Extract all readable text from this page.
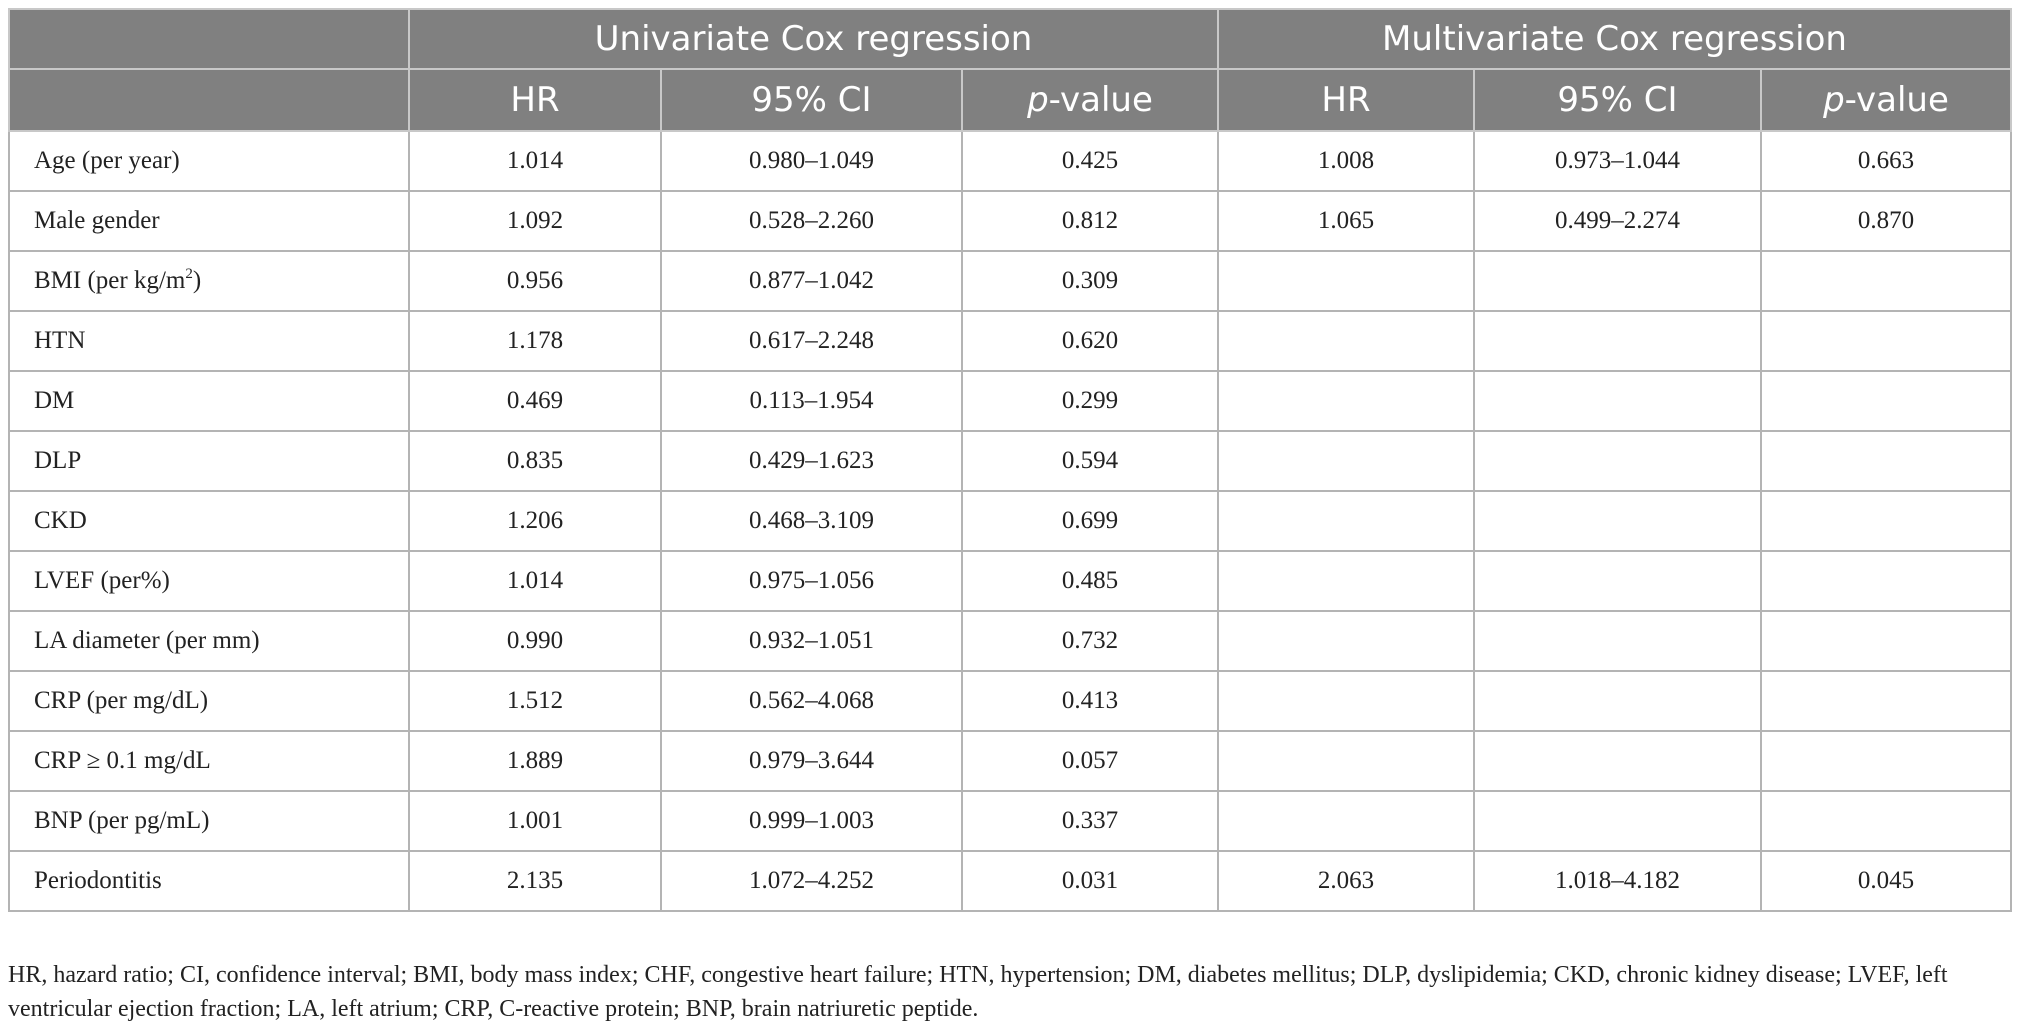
	Univariate Cox regression			Multivariate Cox regression		
	HR	95% CI	p-value	HR	95% CI	p-value
Age (per year)	1.014	0.980–1.049	0.425	1.008	0.973–1.044	0.663
Male gender	1.092	0.528–2.260	0.812	1.065	0.499–2.274	0.870
BMI (per $kg/m^2$)	0.956	0.877–1.042	0.309			
HTN	1.178	0.617–2.248	0.620			
DM	0.469	0.113–1.954	0.299			
DLP	0.835	0.429–1.623	0.594			
CKD	1.206	0.468–3.109	0.699			
LVEF (per%)	1.014	0.975–1.056	0.485			
LA diameter (per mm)	0.990	0.932–1.051	0.732			
CRP (per mg/dL)	1.512	0.562–4.068	0.413			
CRP ≥ 0.1 mg/dL	1.889	0.979–3.644	0.057			
BNP (per pg/mL)	1.001	0.999–1.003	0.337			
Periodontitis	2.135	1.072–4.252	0.031	2.063	1.018–4.182	0.045
HR, hazard ratio; CI, confidence interval; BMI, body mass index; CHF, congestive heart failure; HTN, hypertension; DM, diabetes mellitus; DLP, dyslipidemia; CKD, chronic kidney disease; LVEF, left ventricular ejection fraction; LA, left atrium; CRP, C-reactive protein; BNP, brain natriuretic peptide.
